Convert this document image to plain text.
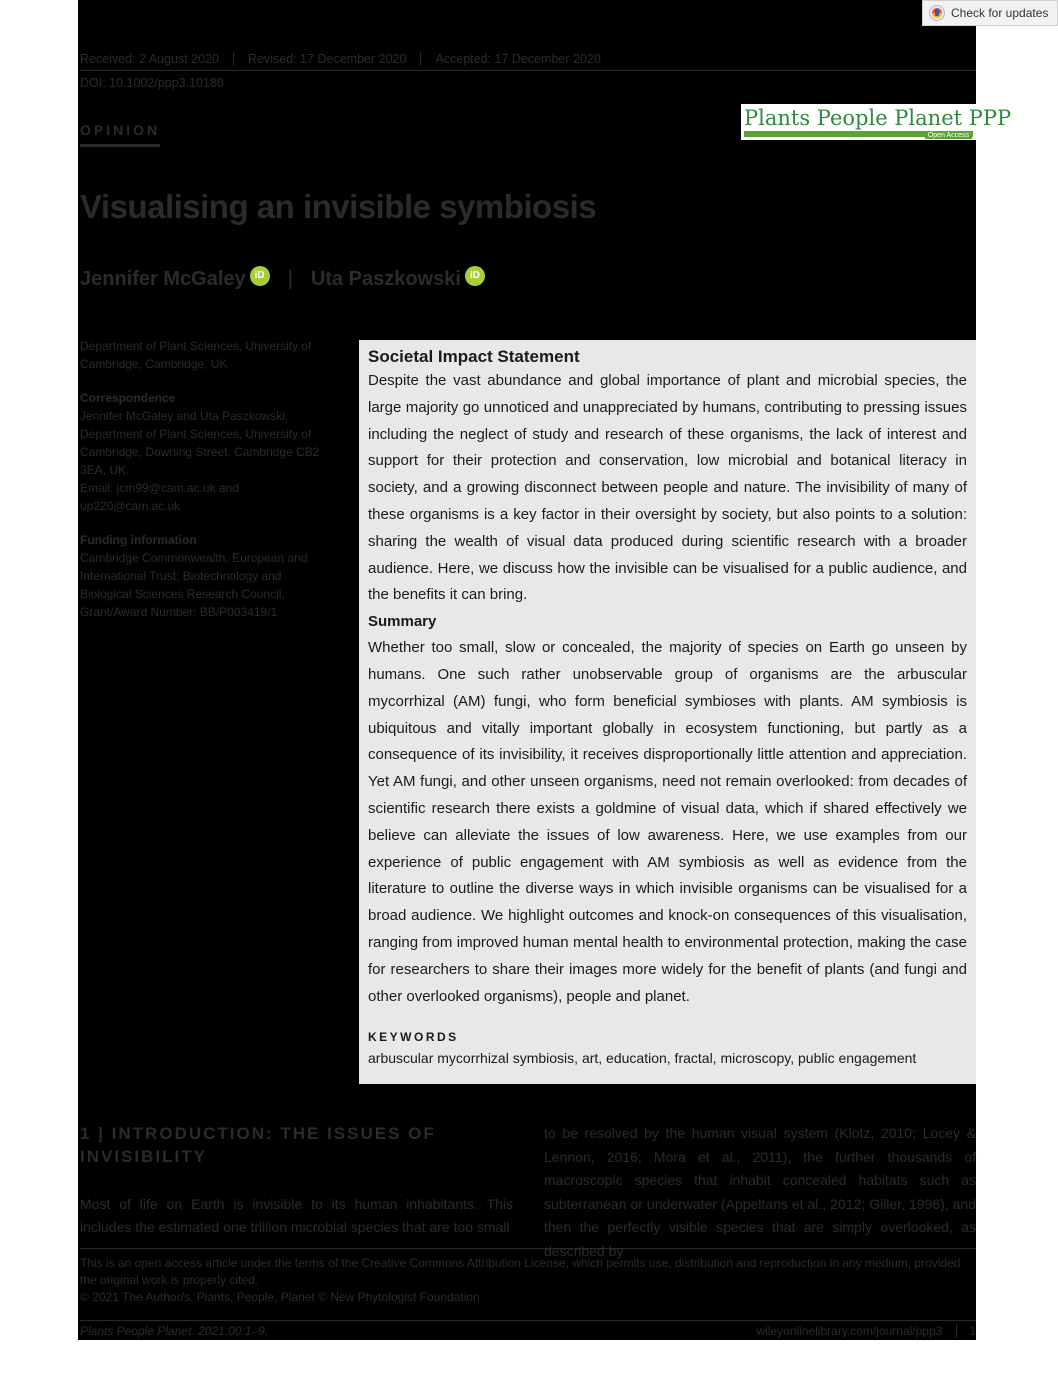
Check for updates
Received: 2 August 2020	Revised: 17 December 2020	Accepted: 17 December 2020
DOI: 10.1002/ppp3.10180
OPINION	Plants People Planet PPP
Open Access
Visualising an invisible symbiosis
Jennifer McGaley iD | Uta Paszkowski iD
Department of Plant Sciences, University of Cambridge, Cambridge, UK
Correspondence
Jennifer McGaley and Uta Paszkowski, Department of Plant Sciences, University of Cambridge, Downing Street, Cambridge CB2 3EA, UK.
Email: jcm99@cam.ac.uk and up220@cam.ac.uk
Funding information
Cambridge Commonwealth, European and International Trust; Biotechnology and Biological Sciences Research Council, Grant/Award Number: BB/P003419/1
Societal Impact Statement

Despite the vast abundance and global importance of plant and microbial species, the large majority go unnoticed and unappreciated by humans, contributing to pressing issues including the neglect of study and research of these organisms, the lack of interest and support for their protection and conservation, low microbial and botanical literacy in society, and a growing disconnect between people and nature. The invisibility of many of these organisms is a key factor in their oversight by society, but also points to a solution: sharing the wealth of visual data produced during scientific research with a broader audience. Here, we discuss how the invisible can be visualised for a public audience, and the benefits it can bring.

Summary

Whether too small, slow or concealed, the majority of species on Earth go unseen by humans. One such rather unobservable group of organisms are the arbuscular mycorrhizal (AM) fungi, who form beneficial symbioses with plants. AM symbiosis is ubiquitous and vitally important globally in ecosystem functioning, but partly as a consequence of its invisibility, it receives disproportionally little attention and appreciation. Yet AM fungi, and other unseen organisms, need not remain overlooked: from decades of scientific research there exists a goldmine of visual data, which if shared effectively we believe can alleviate the issues of low awareness. Here, we use examples from our experience of public engagement with AM symbiosis as well as evidence from the literature to outline the diverse ways in which invisible organisms can be visualised for a broad audience. We highlight outcomes and knock-on consequences of this visualisation, ranging from improved human mental health to environmental protection, making the case for researchers to share their images more widely for the benefit of plants (and fungi and other overlooked organisms), people and planet.

KEYWORDS
arbuscular mycorrhizal symbiosis, art, education, fractal, microscopy, public engagement
1 | INTRODUCTION: THE ISSUES OF INVISIBILITY
Most of life on Earth is invisible to its human inhabitants. This includes the estimated one trillion microbial species that are too small
to be resolved by the human visual system (Klotz, 2010; Locey & Lennon, 2016; Mora et al., 2011), the further thousands of macroscopic species that inhabit concealed habitats such as subterranean or underwater (Appeltans et al., 2012; Giller, 1996), and then the perfectly visible species that are simply overlooked, as described by
This is an open access article under the terms of the Creative Commons Attribution License, which permits use, distribution and reproduction in any medium, provided the original work is properly cited.
© 2021 The Author/s. Plants, People, Planet © New Phytologist Foundation
Plants People Planet. 2021;00:1–9.	wileyonlinelibrary.com/journal/ppp3	1
